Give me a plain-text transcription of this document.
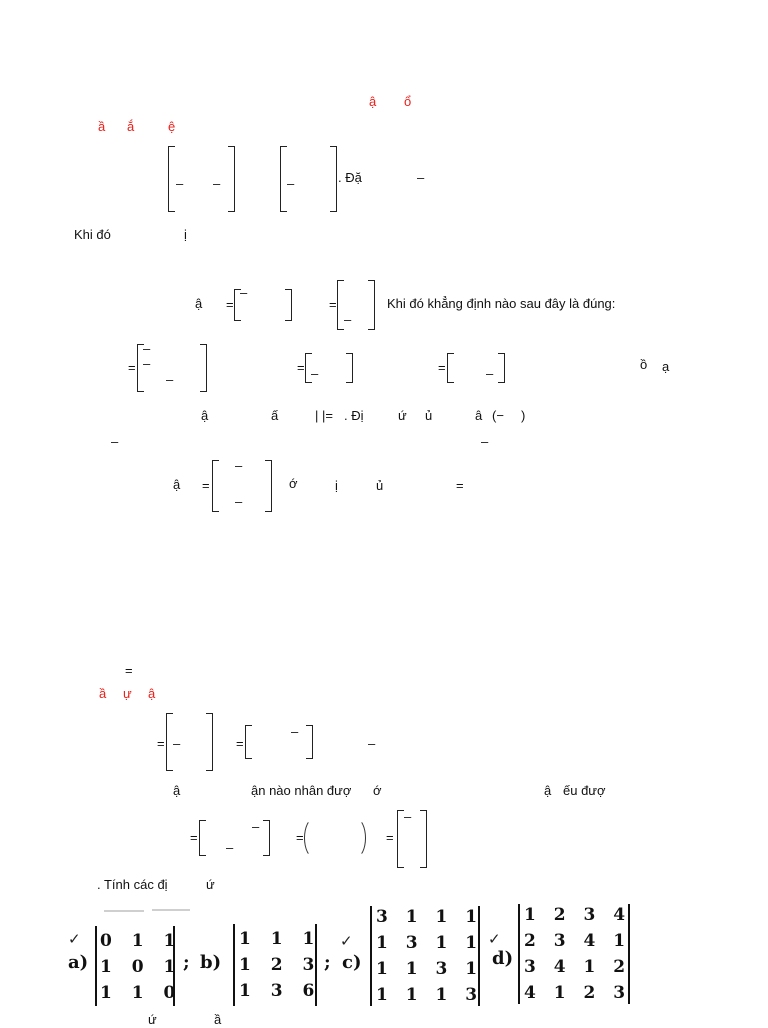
ậ ổ
ầ ắ	ệ
– –	–	. Đặ	–
Khi đó	ị
ậ =
–
=
–
Khi đó khẳng định nào sau đây là đúng:
=
–
–
–
= –	=	–
ồ ạ
ậ	ấ	| |= . Đị	ứ ủ	â (− )
–	–
ậ =
–
–
ớ	ị	ủ	=
=
ầ ự ậ
= –	=
–
–
ậ	ận nào nhân đượ ớ	ậ ếu đượ
=
–
–
=	=
–
. Tính các đị	ứ
✓
a)
0 1 1
1 0 1
1 1 0
; b)
1 1 1
1 2 3
1 3 6
;
✓
c)
3 1 1 1
1 3 1 1
1 1 3 1
1 1 1 3
✓
d)
1 2 3 4
2 3 4 1
3 4 1 2
4 1 2 3
ứ	ầ
